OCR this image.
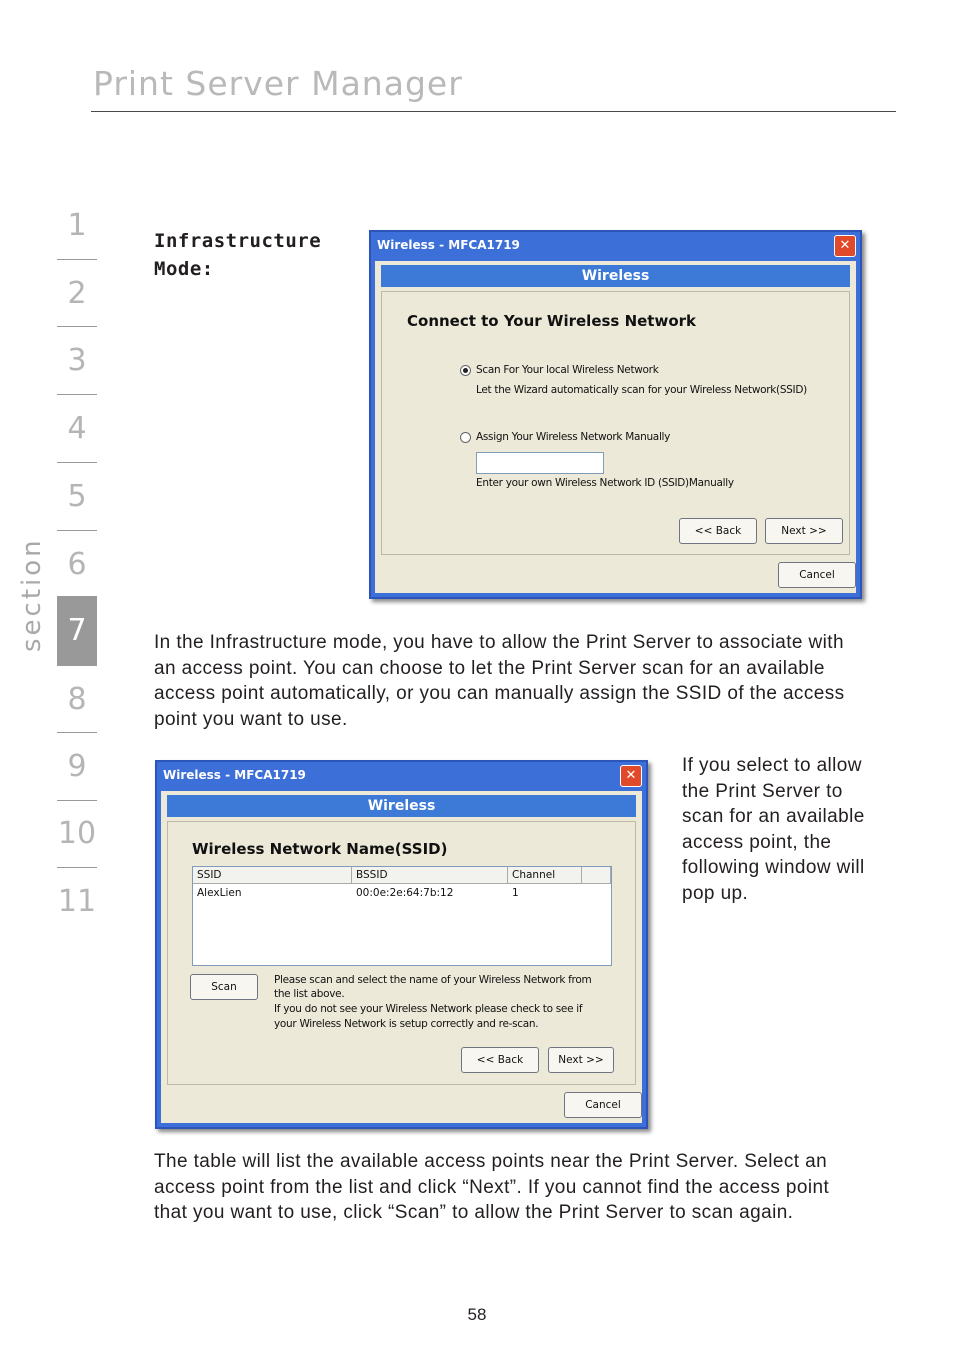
Print Server Manager
section
1
2
3
4
5
6
7
8
9
10
11
Infrastructure Mode:
Wireless - MFCA1719	✕
Wireless
Connect to Your Wireless Network
Scan For Your local Wireless Network
Let the Wizard automatically scan for your Wireless Network(SSID)
Assign Your Wireless Network Manually
Enter your own Wireless Network ID (SSID)Manually
<< Back	Next >>
Cancel
In the Infrastructure mode, you have to allow the Print Server to associate with an access point. You can choose to let the Print Server scan for an available access point automatically, or you can manually assign the SSID of the access point you want to use.
Wireless - MFCA1719	✕
Wireless
Wireless Network Name(SSID)
SSID	BSSID	Channel
AlexLien	00:0e:2e:64:7b:12	1
Scan
Please scan and select the name of your Wireless Network from
the list above.
If you do not see your Wireless Network please check to see if
your Wireless Network is setup correctly and re-scan.
<< Back	Next >>
Cancel
If you select to allow the Print Server to scan for an available access point, the following window will pop up.
The table will list the available access points near the Print Server. Select an access point from the list and click “Next”. If you cannot find the access point that you want to use, click “Scan” to allow the Print Server to scan again.
58
